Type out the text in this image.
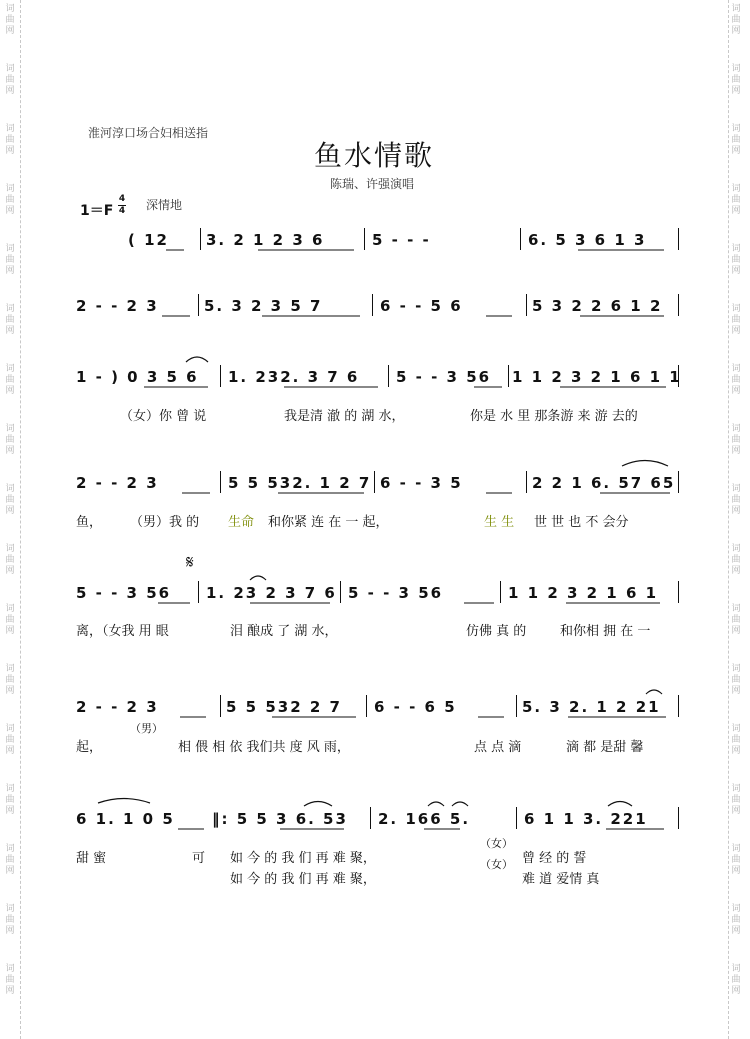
词
曲
网
词
曲
网
词
曲
网
词
曲
网
词
曲
网
词
曲
网
词
曲
网
词
曲
网
词
曲
网
词
曲
网
词
曲
网
词
曲
网
词
曲
网
词
曲
网
词
曲
网
词
曲
网
词
曲
网
词
曲
网
词
曲
网
词
曲
网
词
曲
网
词
曲
网
词
曲
网
词
曲
网
词
曲
网
词
曲
网
词
曲
网
词
曲
网
词
曲
网
词
曲
网
词
曲
网
词
曲
网
词
曲
网
词
曲
网
淮河淳口场合妇相送指
鱼水情歌
陈瑞、许强演唱
1＝F
4
4 深情地
( 12 3. 2 1 2 3 6	5 - - -	6. 5 3 6 1 3
2 - - 2 3	5. 3 2 3 5 7	6 - - 5 6	5 3 2 2 6 1 2
1 - ) 0 3 5 6 1. 232. 3 7 6 5 - - 3 56 1 1 2 3 2 1 6 1 1
（女）你 曾 说	我是清 澈 的 湖 水，	你是 水 里 那条游 来 游 去的
2 - - 2 3	5 5 532. 1 2 7 6 - - 3 5	2 2 1 6. 57 65
鱼， （男）我 的 生命 和你紧 连 在 一 起，	生 生 世 世 也 不 会分
𝄋
5 - - 3 56 1. 23 2 3 7 6 5 - - 3 56	1 1 2 3 2 1 6 1
离，（女我 用 眼	泪 酿成 了 湖 水，	仿佛 真 的	和你相 拥 在 一
2 - - 2 3	5 5 532 2 7 6 - - 6 5	5. 3 2. 1 2 21
起，
（男）
相 偎 相 依 我们共 度 风 雨，	点 点 滴	滴 都 是甜 馨
6 1. 1 0 5 ‖: 5 5 3 6. 53 2. 166 5.	6 1 1 3. 221
甜 蜜	可 如 今 的 我 们 再 难 聚，
（女）
曾 经 的 誓
如 今 的 我 们 再 难 聚，
（女）
难 道 爱情 真
